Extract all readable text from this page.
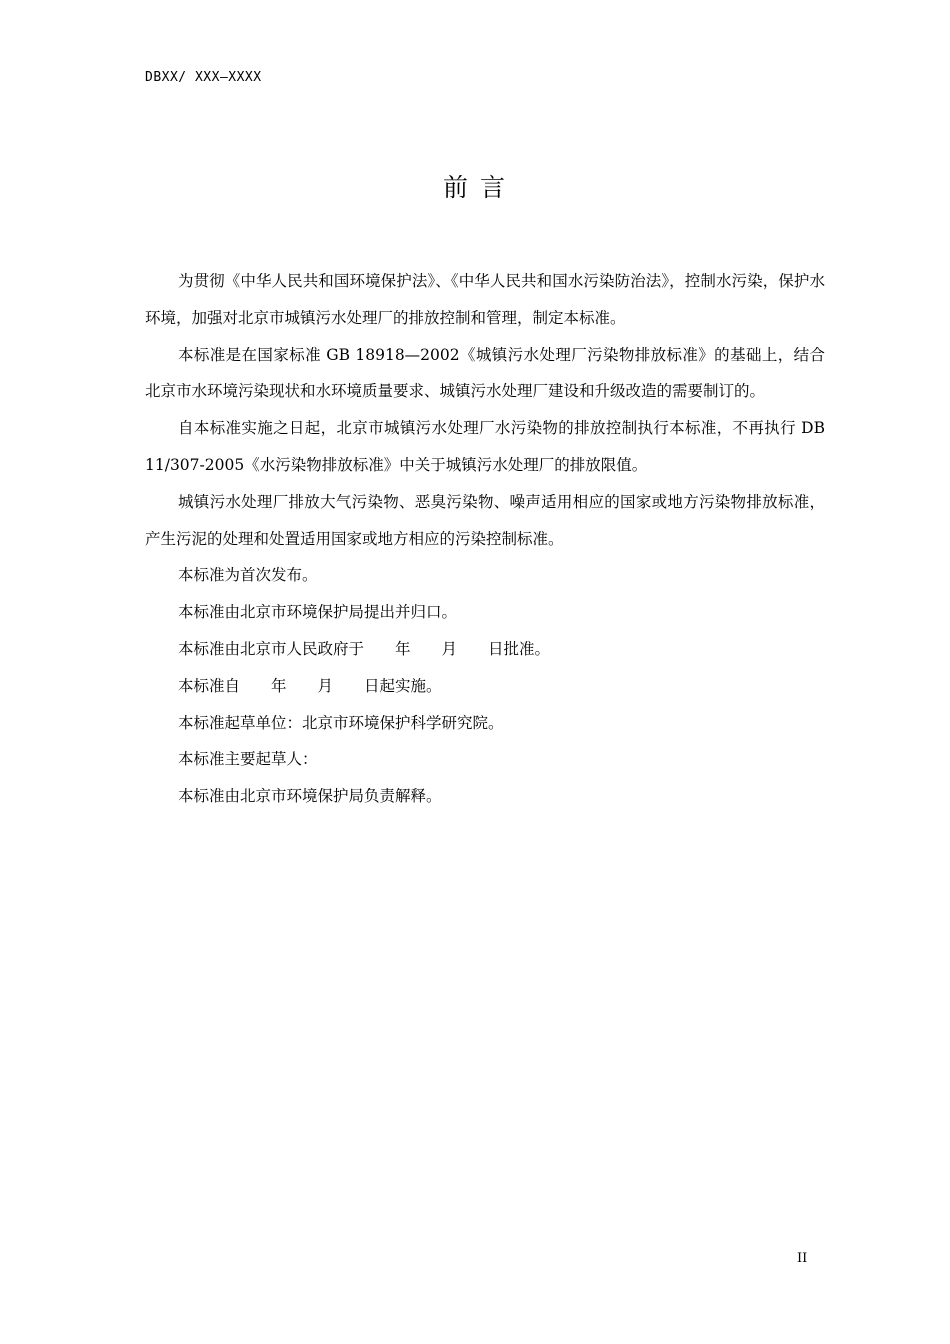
DBXX/ XXX—XXXX
前 言

为贯彻《中华人民共和国环境保护法》、《中华人民共和国水污染防治法》，控制水污染，保护水环境，加强对北京市城镇污水处理厂的排放控制和管理，制定本标准。

本标准是在国家标准 GB 18918—2002《城镇污水处理厂污染物排放标准》的基础上，结合北京市水环境污染现状和水环境质量要求、城镇污水处理厂建设和升级改造的需要制订的。

自本标准实施之日起，北京市城镇污水处理厂水污染物的排放控制执行本标准，不再执行 DB 11/307-2005《水污染物排放标准》中关于城镇污水处理厂的排放限值。

城镇污水处理厂排放大气污染物、恶臭污染物、噪声适用相应的国家或地方污染物排放标准，产生污泥的处理和处置适用国家或地方相应的污染控制标准。

本标准为首次发布。

本标准由北京市环境保护局提出并归口。

本标准由北京市人民政府于　　年　　月　　日批准。

本标准自　　年　　月　　日起实施。

本标准起草单位：北京市环境保护科学研究院。

本标准主要起草人：

本标准由北京市环境保护局负责解释。

II
